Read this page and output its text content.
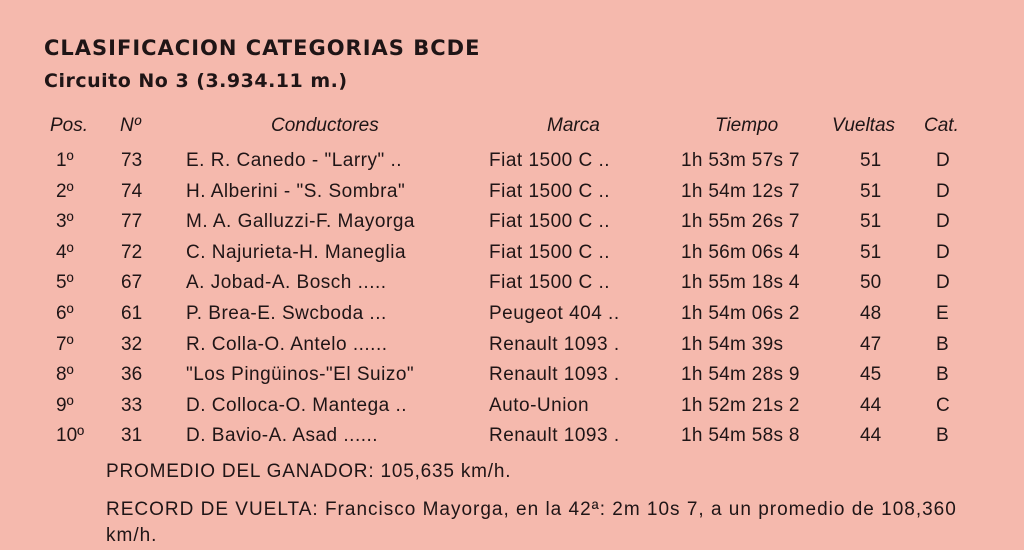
CLASIFICACION CATEGORIAS BCDE
Circuito No 3 (3.934.11 m.)
Pos. Nº	Conductores	Marca	Tiempo	Vueltas Cat.
1º 73 E. R. Canedo - "Larry" ..	Fiat 1500 C ..	1h 53m 57s 7	51	D
2º 74 H. Alberini - "S. Sombra"	Fiat 1500 C ..	1h 54m 12s 7	51	D
3º 77 M. A. Galluzzi-F. Mayorga	Fiat 1500 C ..	1h 55m 26s 7	51	D
4º 72 C. Najurieta-H. Maneglia	Fiat 1500 C ..	1h 56m 06s 4	51	D
5º 67 A. Jobad-A. Bosch .....	Fiat 1500 C ..	1h 55m 18s 4	50	D
6º 61 P. Brea-E. Swcboda ...	Peugeot 404 ..	1h 54m 06s 2	48	E
7º 32 R. Colla-O. Antelo ......	Renault 1093 .	1h 54m 39s	47	B
8º 36 "Los Pingüinos-"El Suizo"	Renault 1093 .	1h 54m 28s 9	45	B
9º 33 D. Colloca-O. Mantega ..	Auto-Union	1h 52m 21s 2	44	C
10º 31 D. Bavio-A. Asad ......	Renault 1093 .	1h 54m 58s 8	44	B
PROMEDIO DEL GANADOR: 105,635 km/h.
RECORD DE VUELTA: Francisco Mayorga, en la 42ª: 2m 10s 7, a un promedio de 108,360 km/h.
